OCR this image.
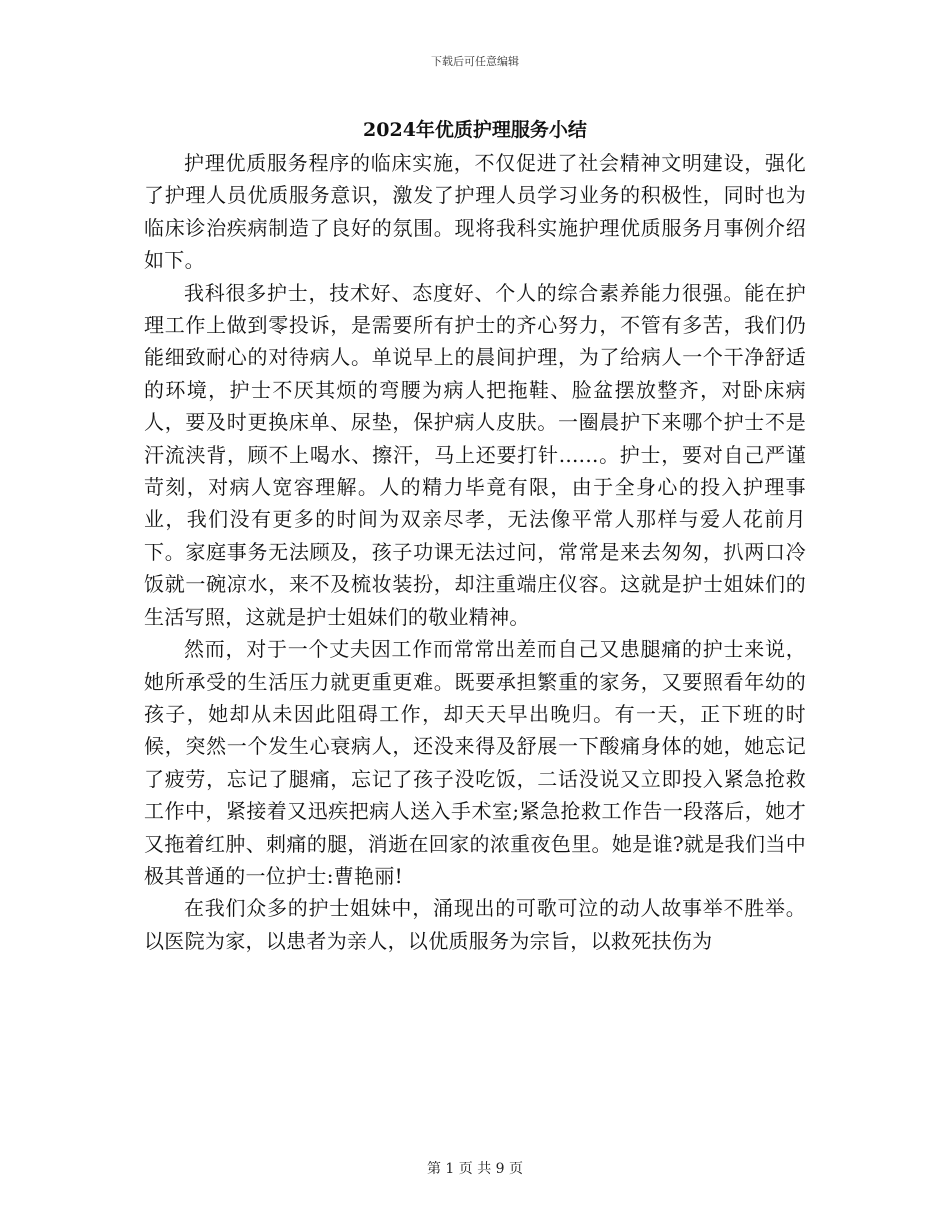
下载后可任意编辑
2024年优质护理服务小结

护理优质服务程序的临床实施，不仅促进了社会精神文明建设，强化了护理人员优质服务意识，激发了护理人员学习业务的积极性，同时也为临床诊治疾病制造了良好的氛围。现将我科实施护理优质服务月事例介绍如下。

我科很多护士，技术好、态度好、个人的综合素养能力很强。能在护理工作上做到零投诉，是需要所有护士的齐心努力，不管有多苦，我们仍能细致耐心的对待病人。单说早上的晨间护理，为了给病人一个干净舒适的环境，护士不厌其烦的弯腰为病人把拖鞋、脸盆摆放整齐，对卧床病人，要及时更换床单、尿垫，保护病人皮肤。一圈晨护下来哪个护士不是汗流浃背，顾不上喝水、擦汗，马上还要打针......。护士，要对自己严谨苛刻，对病人宽容理解。人的精力毕竟有限，由于全身心的投入护理事业，我们没有更多的时间为双亲尽孝，无法像平常人那样与爱人花前月下。家庭事务无法顾及，孩子功课无法过问，常常是来去匆匆，扒两口冷饭就一碗凉水，来不及梳妆装扮，却注重端庄仪容。这就是护士姐妹们的生活写照，这就是护士姐妹们的敬业精神。

然而，对于一个丈夫因工作而常常出差而自己又患腿痛的护士来说，她所承受的生活压力就更重更难。既要承担繁重的家务，又要照看年幼的孩子，她却从未因此阻碍工作，却天天早出晚归。有一天，正下班的时候，突然一个发生心衰病人，还没来得及舒展一下酸痛身体的她，她忘记了疲劳，忘记了腿痛，忘记了孩子没吃饭，二话没说又立即投入紧急抢救工作中，紧接着又迅疾把病人送入手术室;紧急抢救工作告一段落后，她才又拖着红肿、刺痛的腿，消逝在回家的浓重夜色里。她是谁?就是我们当中极其普通的一位护士:曹艳丽!

在我们众多的护士姐妹中，涌现出的可歌可泣的动人故事举不胜举。以医院为家，以患者为亲人，以优质服务为宗旨，以救死扶伤为

第 1 页 共 9 页
